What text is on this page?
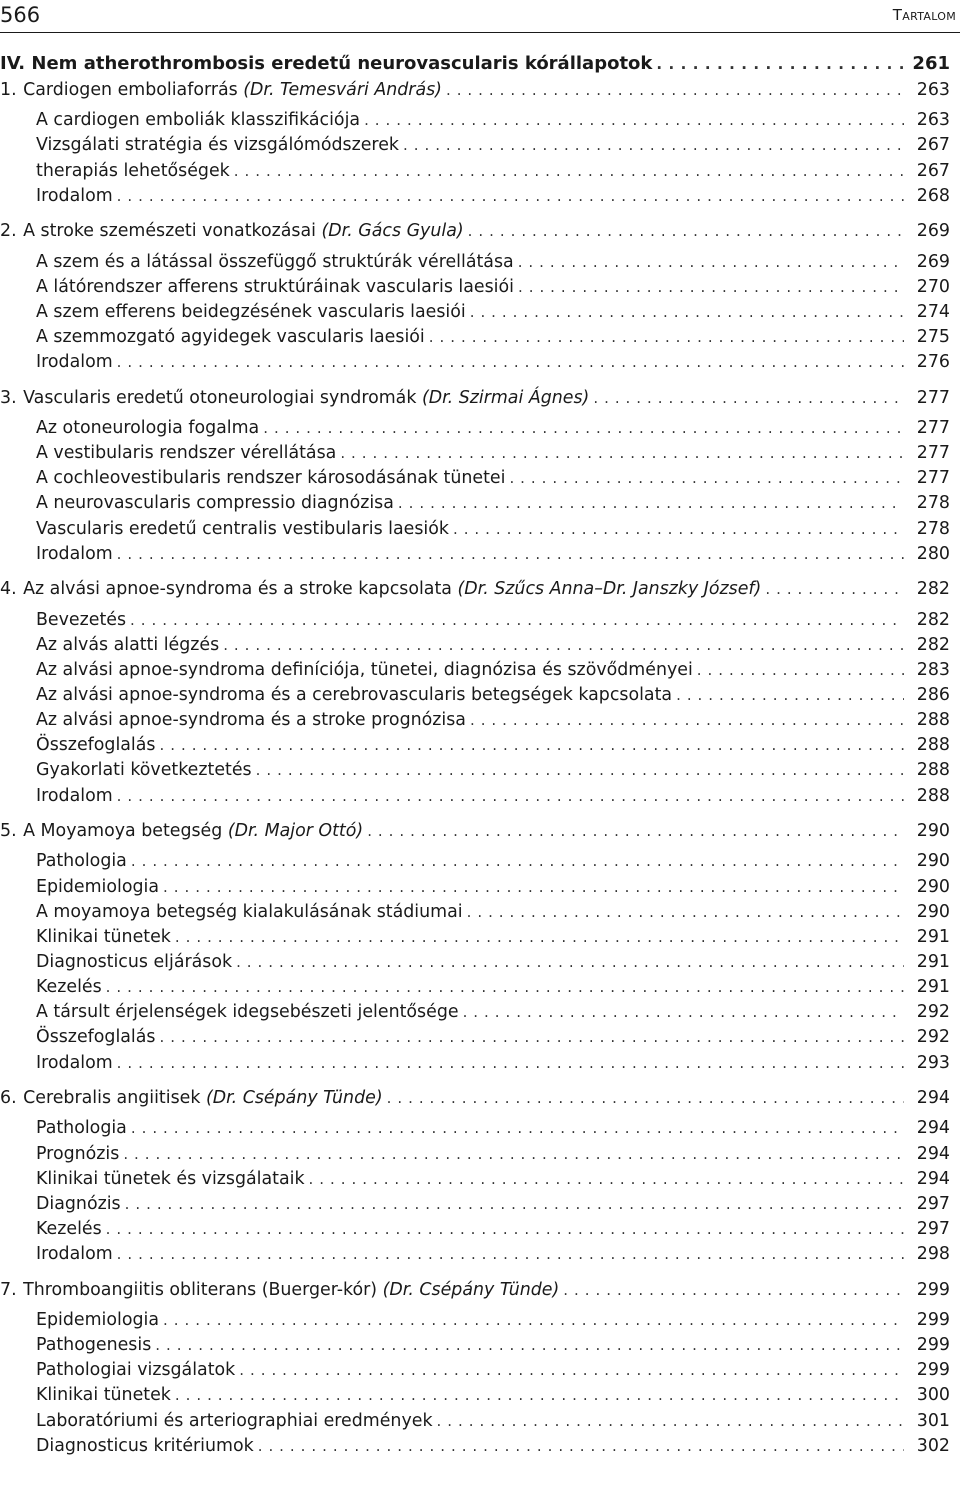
566	Tartalom
IV. Nem atherothrombosis eredetű neurovascularis kórállapotok . . .	261
1. Cardiogen emboliaforrás (Dr. Temesvári András) . . .	263
A cardiogen emboliák klasszifikációja . . .	263
Vizsgálati stratégia és vizsgálómódszerek . . .	267
therapiás lehetőségek . . .	267
Irodalom . . .	268
2. A stroke szemészeti vonatkozásai (Dr. Gács Gyula) . . .	269
A szem és a látással összefüggő struktúrák vérellátása . . .	269
A látórendszer afferens struktúráinak vascularis laesiói . . .	270
A szem efferens beidegzésének vascularis laesiói . . .	274
A szemmozgató agyidegek vascularis laesiói . . .	275
Irodalom . . .	276
3. Vascularis eredetű otoneurologiai syndromák (Dr. Szirmai Ágnes) . . .	277
Az otoneurologia fogalma . . .	277
A vestibularis rendszer vérellátása . . .	277
A cochleovestibularis rendszer károsodásának tünetei . . .	277
A neurovascularis compressio diagnózisa . . .	278
Vascularis eredetű centralis vestibularis laesiók . . .	278
Irodalom . . .	280
4. Az alvási apnoe-syndroma és a stroke kapcsolata (Dr. Szűcs Anna–Dr. Janszky József) . . .	282
Bevezetés . . .	282
Az alvás alatti légzés . . .	282
Az alvási apnoe-syndroma definíciója, tünetei, diagnózisa és szövődményei . . .	283
Az alvási apnoe-syndroma és a cerebrovascularis betegségek kapcsolata . . .	286
Az alvási apnoe-syndroma és a stroke prognózisa . . .	288
Összefoglalás . . .	288
Gyakorlati következtetés . . .	288
Irodalom . . .	288
5. A Moyamoya betegség (Dr. Major Ottó) . . .	290
Pathologia . . .	290
Epidemiologia . . .	290
A moyamoya betegség kialakulásának stádiumai . . .	290
Klinikai tünetek . . .	291
Diagnosticus eljárások . . .	291
Kezelés . . .	291
A társult érjelenségek idegsebészeti jelentősége . . .	292
Összefoglalás . . .	292
Irodalom . . .	293
6. Cerebralis angiitisek (Dr. Csépány Tünde) . . .	294
Pathologia . . .	294
Prognózis . . .	294
Klinikai tünetek és vizsgálataik . . .	294
Diagnózis . . .	297
Kezelés . . .	297
Irodalom . . .	298
7. Thromboangiitis obliterans (Buerger-kór) (Dr. Csépány Tünde) . . .	299
Epidemiologia . . .	299
Pathogenesis . . .	299
Pathologiai vizsgálatok . . .	299
Klinikai tünetek . . .	300
Laboratóriumi és arteriographiai eredmények . . .	301
Diagnosticus kritériumok . . .	302
